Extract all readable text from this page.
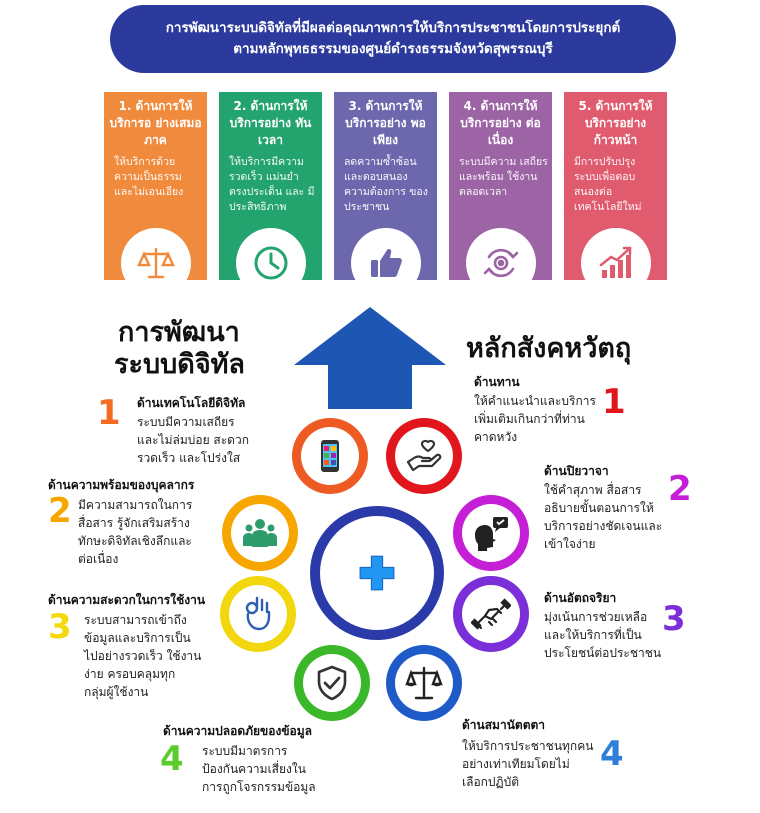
การพัฒนาระบบดิจิทัลที่มีผลต่อคุณภาพการให้บริการประชาชนโดยการประยุกต์
ตามหลักพุทธธรรมของศูนย์ดำรงธรรมจังหวัดสุพรรณบุรี
1. ด้านการให้ บริการอ ย่างเสมอภาค
ให้บริการด้วย ความเป็นธรรม และไม่เอนเอียง
2. ด้านการให้ บริการอย่าง ทันเวลา
ให้บริการมีความ รวดเร็ว แม่นยำ ตรงประเด็น และ มีประสิทธิภาพ
3. ด้านการให้ บริการอย่าง พอเพียง
ลดความซ้ำซ้อน และตอบสนอง ความต้องการ ของประชาชน
4. ด้านการให้ บริการอย่าง ต่อเนื่อง
ระบบมีความ เสถียรและพร้อม ใช้งานตลอดเวลา
5. ด้านการให้ บริการอย่าง ก้าวหน้า
มีการปรับปรุง ระบบเพื่อตอบ สนองต่อ เทคโนโลยีใหม่
การพัฒนา
ระบบดิจิทัล
หลักสังคหวัตถุ
1 ด้านเทคโนโลยีดิจิทัล
ระบบมีความเสถียร
และไม่ล่มบ่อย สะดวก
รวดเร็ว และโปร่งใส
ด้านความพร้อมของบุคลากร
2 มีความสามารถในการ
สื่อสาร รู้จักเสริมสร้าง
ทักษะดิจิทัลเชิงลึกและ
ต่อเนื่อง
ด้านความสะดวกในการใช้งาน
3 ระบบสามารถเข้าถึง
ข้อมูลและบริการเป็น
ไปอย่างรวดเร็ว ใช้งาน
ง่าย ครอบคลุมทุก
กลุ่มผู้ใช้งาน
ด้านความปลอดภัยของข้อมูล
4 ระบบมีมาตรการ
ป้องกันความเสี่ยงใน
การถูกโจรกรรมข้อมูล
ด้านทาน
ให้คำแนะนำและบริการ
เพิ่มเติมเกินกว่าที่ท่าน
คาดหวัง
1
ด้านปิยวาจา
ใช้คำสุภาพ สื่อสาร
อธิบายขั้นตอนการให้
บริการอย่างชัดเจนและ
เข้าใจง่าย
2
ด้านอัตถจริยา
มุ่งเน้นการช่วยเหลือ
และให้บริการที่เป็น
ประโยชน์ต่อประชาชน
3
ด้านสมานัตตตา
ให้บริการประชาชนทุกคน
อย่างเท่าเทียมโดยไม่
เลือกปฏิบัติ
4
